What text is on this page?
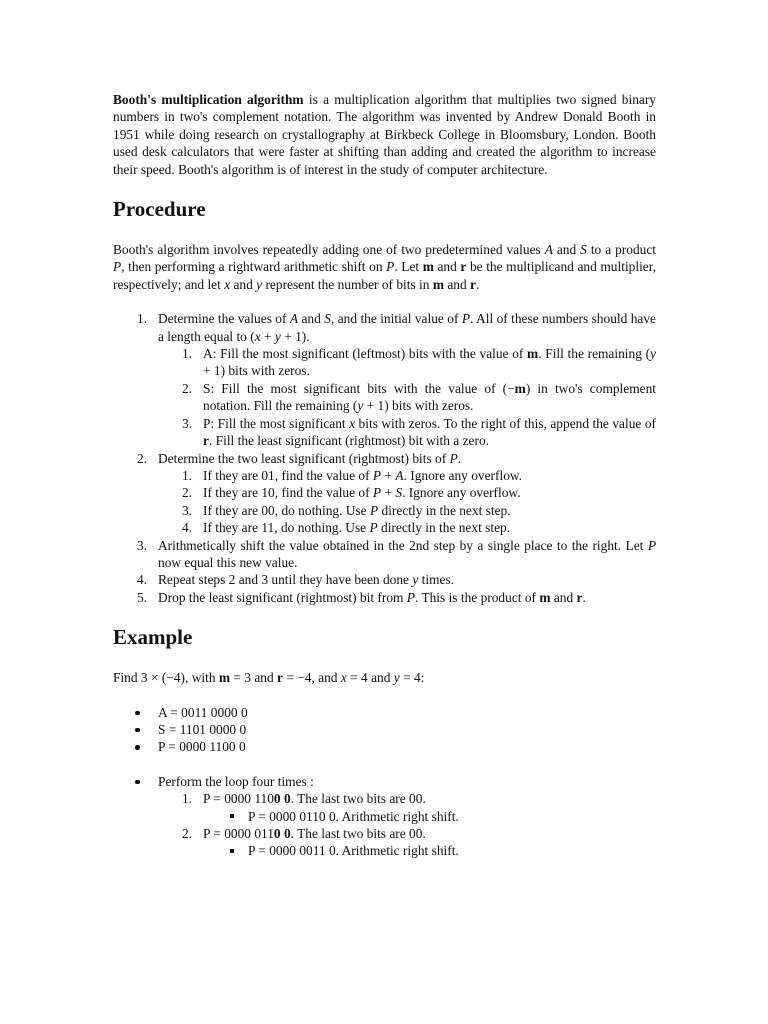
Booth's multiplication algorithm is a multiplication algorithm that multiplies two signed binary numbers in two's complement notation. The algorithm was invented by Andrew Donald Booth in 1951 while doing research on crystallography at Birkbeck College in Bloomsbury, London. Booth used desk calculators that were faster at shifting than adding and created the algorithm to increase their speed. Booth's algorithm is of interest in the study of computer architecture.

Procedure

Booth's algorithm involves repeatedly adding one of two predetermined values A and S to a product P, then performing a rightward arithmetic shift on P. Let m and r be the multiplicand and multiplier, respectively; and let x and y represent the number of bits in m and r.

1. Determine the values of A and S, and the initial value of P. All of these numbers should have a length equal to (x + y + 1).
1. A: Fill the most significant (leftmost) bits with the value of m. Fill the remaining (y + 1) bits with zeros.
2. S: Fill the most significant bits with the value of (−m) in two's complement notation. Fill the remaining (y + 1) bits with zeros.
3. P: Fill the most significant x bits with zeros. To the right of this, append the value of r. Fill the least significant (rightmost) bit with a zero.
2. Determine the two least significant (rightmost) bits of P.
1. If they are 01, find the value of P + A. Ignore any overflow.
2. If they are 10, find the value of P + S. Ignore any overflow.
3. If they are 00, do nothing. Use P directly in the next step.
4. If they are 11, do nothing. Use P directly in the next step.
3. Arithmetically shift the value obtained in the 2nd step by a single place to the right. Let P now equal this new value.
4. Repeat steps 2 and 3 until they have been done y times.
5. Drop the least significant (rightmost) bit from P. This is the product of m and r.
Example

Find 3 × (−4), with m = 3 and r = −4, and x = 4 and y = 4:

A = 0011 0000 0
S = 1101 0000 0
P = 0000 1100 0
Perform the loop four times :
1. P = 0000 1100 0. The last two bits are 00.
P = 0000 0110 0. Arithmetic right shift.
2. P = 0000 0110 0. The last two bits are 00.
P = 0000 0011 0. Arithmetic right shift.
